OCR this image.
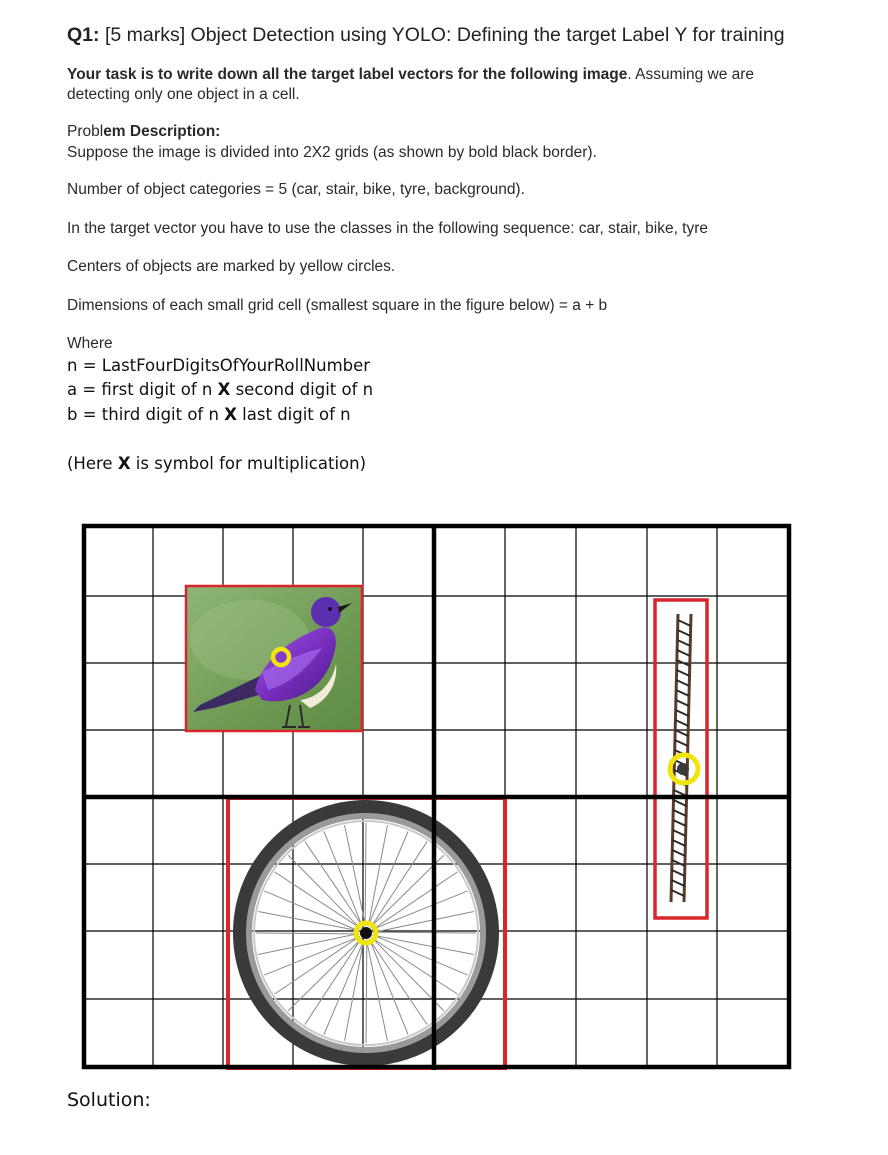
Q1: [5 marks] Object Detection using YOLO: Defining the target Label Y for training
Your task is to write down all the target label vectors for the following image. Assuming we are
detecting only one object in a cell.
Problem Description:
Suppose the image is divided into 2X2 grids (as shown by bold black border).
Number of object categories = 5 (car, stair, bike, tyre, background).
In the target vector you have to use the classes in the following sequence: car, stair, bike, tyre
Centers of objects are marked by yellow circles.
Dimensions of each small grid cell (smallest square in the figure below) = a + b
Where
n = LastFourDigitsOfYourRollNumber
a = first digit of n X second digit of n
b = third digit of n X last digit of n
(Here X is symbol for multiplication)
Solution:
